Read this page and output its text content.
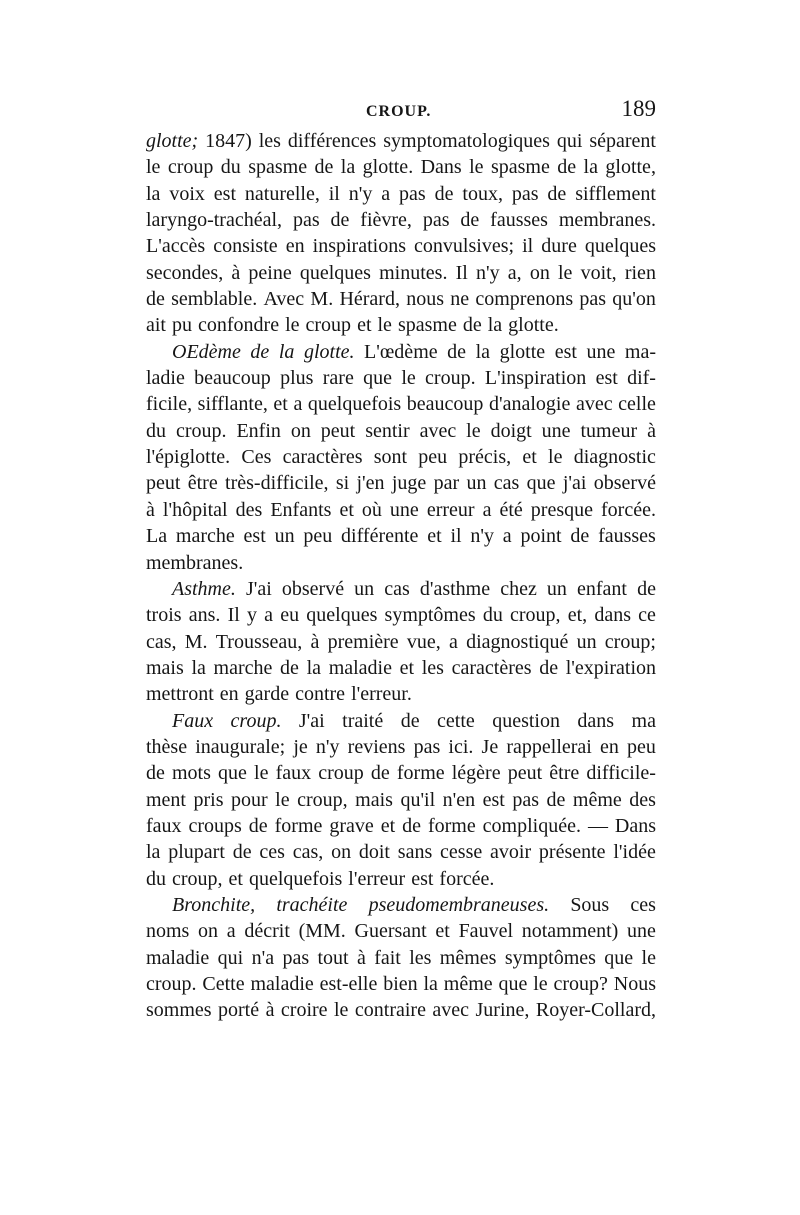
CROUP.	189
glotte; 1847) les différences symptomatologiques qui séparent
le croup du spasme de la glotte. Dans le spasme de la glotte,
la voix est naturelle, il n'y a pas de toux, pas de sifflement
laryngo-trachéal, pas de fièvre, pas de fausses membranes.
L'accès consiste en inspirations convulsives; il dure quelques
secondes, à peine quelques minutes. Il n'y a, on le voit, rien
de semblable. Avec M. Hérard, nous ne comprenons pas qu'on
ait pu confondre le croup et le spasme de la glotte.
OEdème de la glotte. L'œdème de la glotte est une ma-
ladie beaucoup plus rare que le croup. L'inspiration est dif-
ficile, sifflante, et a quelquefois beaucoup d'analogie avec celle
du croup. Enfin on peut sentir avec le doigt une tumeur à
l'épiglotte. Ces caractères sont peu précis, et le diagnostic
peut être très-difficile, si j'en juge par un cas que j'ai observé
à l'hôpital des Enfants et où une erreur a été presque forcée.
La marche est un peu différente et il n'y a point de fausses
membranes.
Asthme. J'ai observé un cas d'asthme chez un enfant de
trois ans. Il y a eu quelques symptômes du croup, et, dans ce
cas, M. Trousseau, à première vue, a diagnostiqué un croup;
mais la marche de la maladie et les caractères de l'expiration
mettront en garde contre l'erreur.
Faux croup. J'ai traité de cette question dans ma
thèse inaugurale; je n'y reviens pas ici. Je rappellerai en peu
de mots que le faux croup de forme légère peut être difficile-
ment pris pour le croup, mais qu'il n'en est pas de même des
faux croups de forme grave et de forme compliquée. — Dans
la plupart de ces cas, on doit sans cesse avoir présente l'idée
du croup, et quelquefois l'erreur est forcée.
Bronchite, trachéite pseudomembraneuses. Sous ces
noms on a décrit (MM. Guersant et Fauvel notamment) une
maladie qui n'a pas tout à fait les mêmes symptômes que le
croup. Cette maladie est-elle bien la même que le croup? Nous
sommes porté à croire le contraire avec Jurine, Royer-Collard,
